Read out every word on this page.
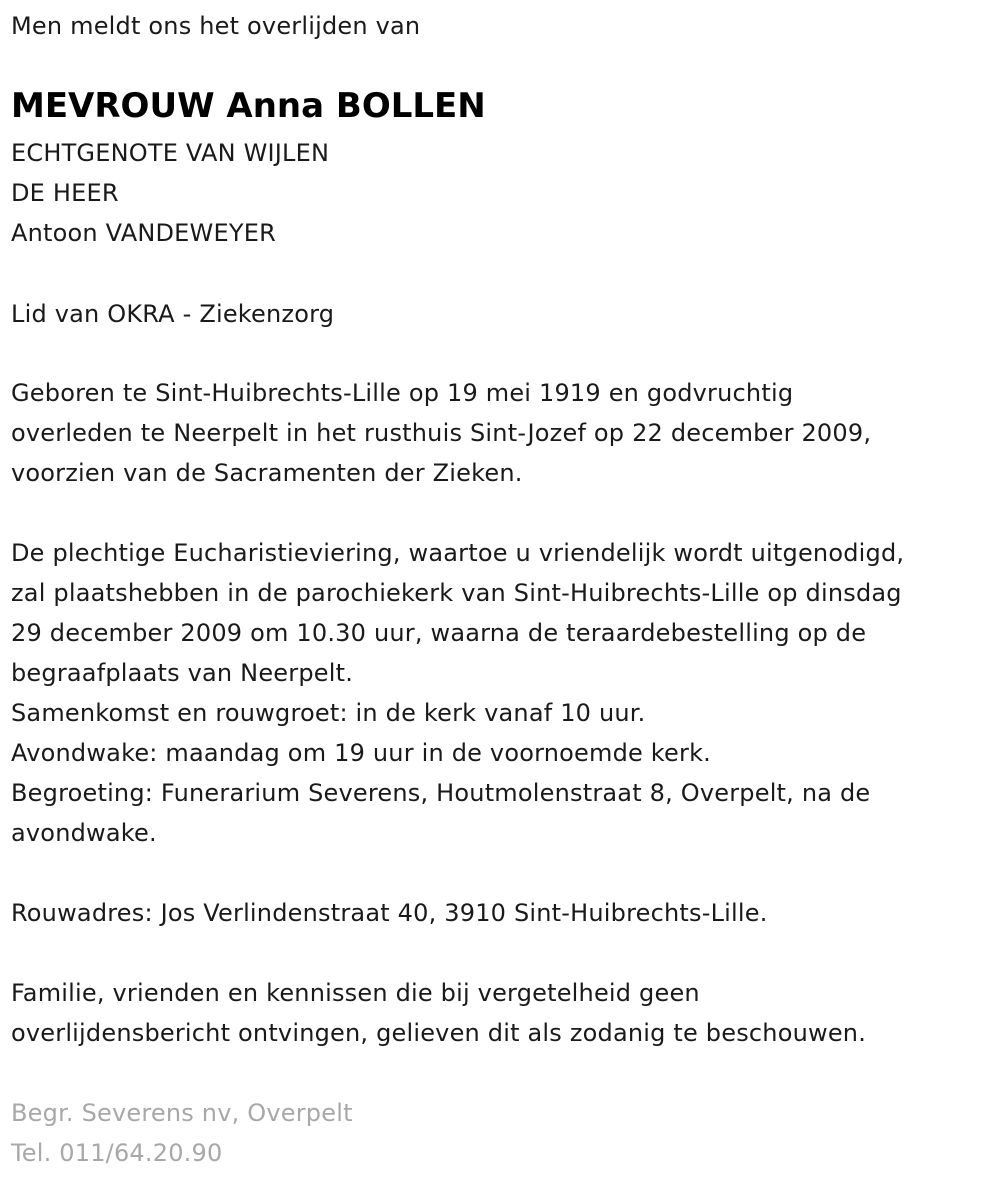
Men meldt ons het overlijden van
MEVROUW Anna BOLLEN
ECHTGENOTE VAN WIJLEN
DE HEER
Antoon VANDEWEYER
Lid van OKRA - Ziekenzorg
Geboren te Sint-Huibrechts-Lille op 19 mei 1919 en godvruchtig
overleden te Neerpelt in het rusthuis Sint-Jozef op 22 december 2009,
voorzien van de Sacramenten der Zieken.
De plechtige Eucharistieviering, waartoe u vriendelijk wordt uitgenodigd,
zal plaatshebben in de parochiekerk van Sint-Huibrechts-Lille op dinsdag
29 december 2009 om 10.30 uur, waarna de teraardebestelling op de
begraafplaats van Neerpelt.
Samenkomst en rouwgroet: in de kerk vanaf 10 uur.
Avondwake: maandag om 19 uur in de voornoemde kerk.
Begroeting: Funerarium Severens, Houtmolenstraat 8, Overpelt, na de
avondwake.
Rouwadres: Jos Verlindenstraat 40, 3910 Sint-Huibrechts-Lille.
Familie, vrienden en kennissen die bij vergetelheid geen
overlijdensbericht ontvingen, gelieven dit als zodanig te beschouwen.
Begr. Severens nv, Overpelt
Tel. 011/64.20.90
